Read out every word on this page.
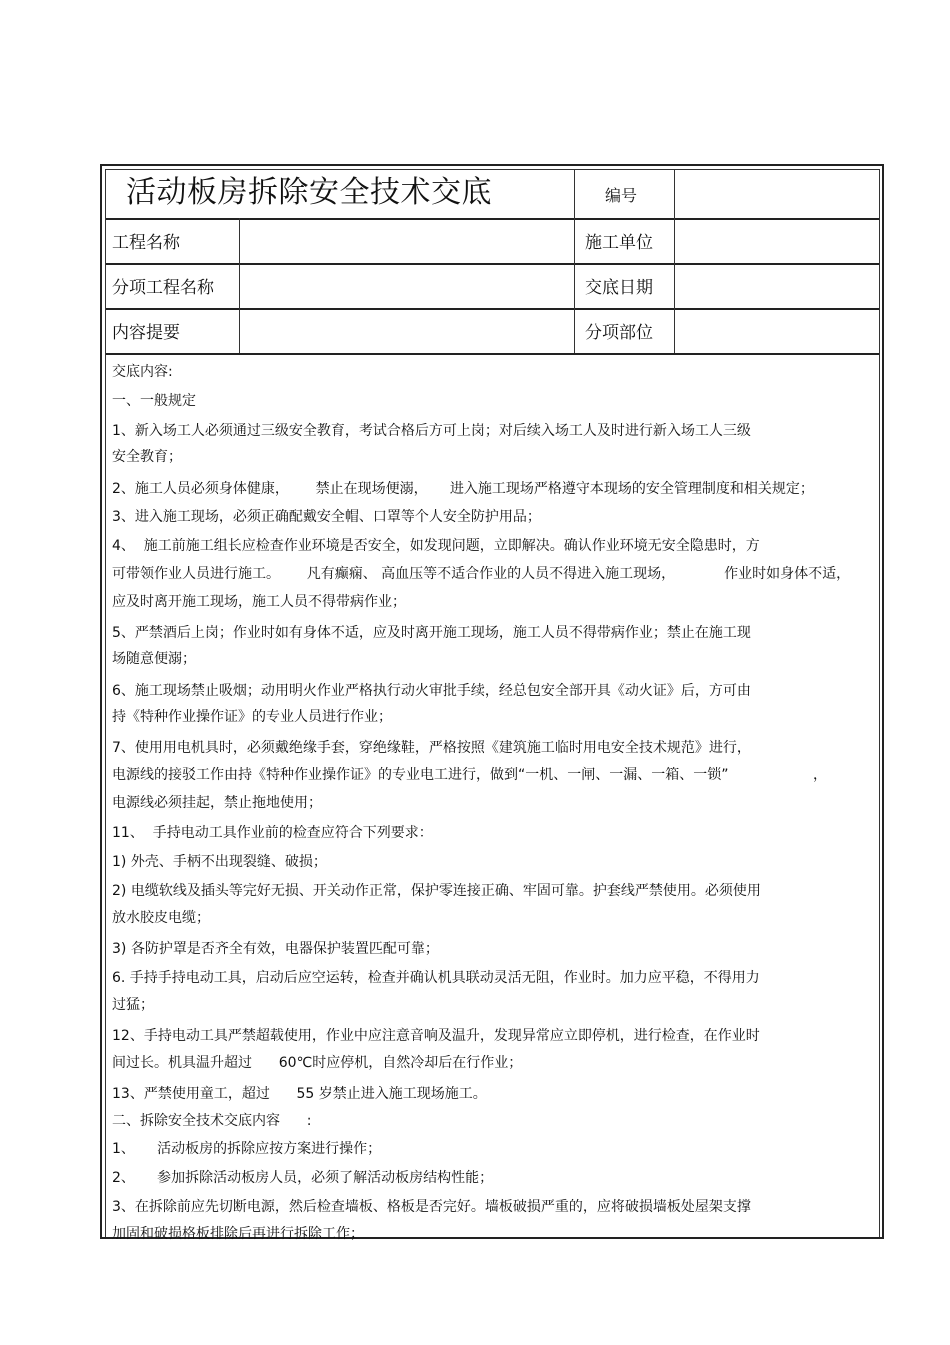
活动板房拆除安全技术交底	编号
工程名称	施工单位
分项工程名称	交底日期
内容提要	分项部位
交底内容:
一、一般规定
1、新入场工人必须通过三级安全教育，考试合格后方可上岗；对后续入场工人及时进行新入场工人三级
安全教育；
2、施工人员必须身体健康，      禁止在现场便溺，     进入施工现场严格遵守本现场的安全管理制度和相关规定；
3、进入施工现场，必须正确配戴安全帽、口罩等个人安全防护用品；
4、  施工前施工组长应检查作业环境是否安全，如发现问题，立即解决。确认作业环境无安全隐患时，方
可带领作业人员进行施工。      凡有癫痫、 高血压等不适合作业的人员不得进入施工现场，           作业时如身体不适，
应及时离开施工现场，施工人员不得带病作业；
5、严禁酒后上岗；作业时如有身体不适，应及时离开施工现场，施工人员不得带病作业；禁止在施工现
场随意便溺；
6、施工现场禁止吸烟；动用明火作业严格执行动火审批手续，经总包安全部开具《动火证》后，方可由
持《特种作业操作证》的专业人员进行作业；
7、使用用电机具时，必须戴绝缘手套，穿绝缘鞋，严格按照《建筑施工临时用电安全技术规范》进行，
电源线的接驳工作由持《特种作业操作证》的专业电工进行，做到“一机、一闸、一漏、一箱、一锁”                   ，
电源线必须挂起，禁止拖地使用；
11、  手持电动工具作业前的检查应符合下列要求：
1) 外壳、手柄不出现裂缝、破损；
2) 电缆软线及插头等完好无损、开关动作正常，保护零连接正确、牢固可靠。护套线严禁使用。必须使用
放水胶皮电缆；
3) 各防护罩是否齐全有效，电器保护装置匹配可靠；
6. 手持手持电动工具，启动后应空运转，检查并确认机具联动灵活无阻，作业时。加力应平稳，不得用力
过猛；
12、手持电动工具严禁超载使用，作业中应注意音响及温升，发现异常应立即停机，进行检查，在作业时
间过长。机具温升超过      60℃时应停机，自然冷却后在行作业；
13、严禁使用童工，超过      55 岁禁止进入施工现场施工。
二、拆除安全技术交底内容      :
1、     活动板房的拆除应按方案进行操作；
2、     参加拆除活动板房人员，必须了解活动板房结构性能；
3、在拆除前应先切断电源，然后检查墙板、格板是否完好。墙板破损严重的，应将破损墙板处屋架支撑
加固和破损格板排除后再进行拆除工作；
